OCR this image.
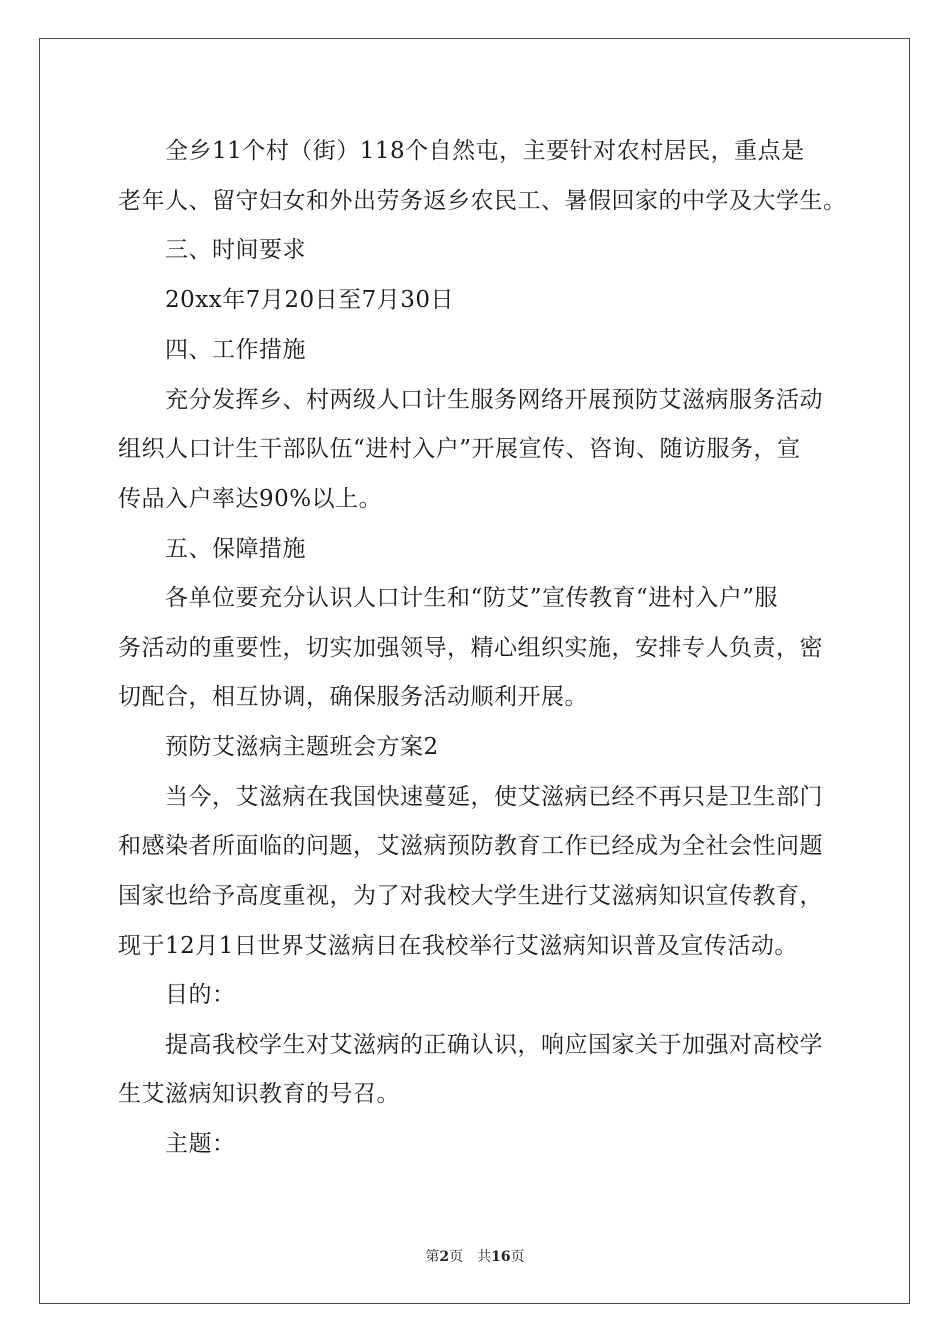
全乡11个村（街）118个自然屯，主要针对农村居民，重点是
老年人、留守妇女和外出劳务返乡农民工、暑假回家的中学及大学生。
三、时间要求
20xx年7月20日至7月30日
四、工作措施
充分发挥乡、村两级人口计生服务网络开展预防艾滋病服务活动
组织人口计生干部队伍“进村入户”开展宣传、咨询、随访服务，宣
传品入户率达90%以上。
五、保障措施
各单位要充分认识人口计生和“防艾”宣传教育“进村入户”服
务活动的重要性，切实加强领导，精心组织实施，安排专人负责，密
切配合，相互协调，确保服务活动顺利开展。
预防艾滋病主题班会方案2
当今，艾滋病在我国快速蔓延，使艾滋病已经不再只是卫生部门
和感染者所面临的问题，艾滋病预防教育工作已经成为全社会性问题
国家也给予高度重视，为了对我校大学生进行艾滋病知识宣传教育，
现于12月1日世界艾滋病日在我校举行艾滋病知识普及宣传活动。
目的：
提高我校学生对艾滋病的正确认识，响应国家关于加强对高校学
生艾滋病知识教育的号召。
主题：
第2页 共16页
